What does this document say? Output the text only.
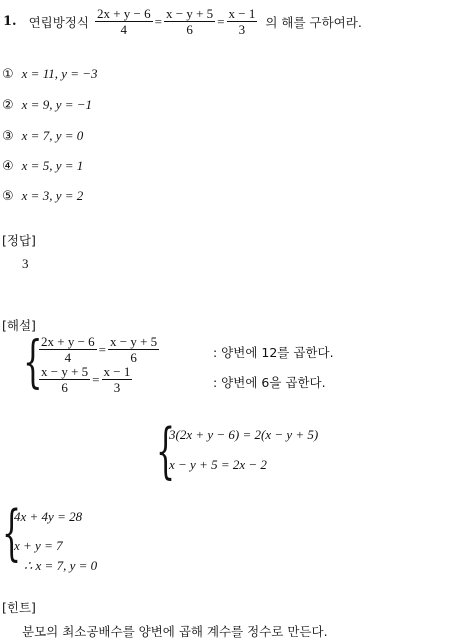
1. 연립방정식 $\frac{2x + y - 6}{4} = \frac{x - y + 5}{6} = \frac{x - 1}{3}$ 의 해를 구하여라.
① x = 11, y = −3
② x = 9, y = −1
③ x = 7, y = 0
④ x = 5, y = 1
⑤ x = 3, y = 2
[정답]
3
[해설]
{
$\frac{2x + y - 6}{4} = \frac{x - y + 5}{6}$	: 양변에 12를 곱한다.
$\frac{x - y + 5}{6} = \frac{x - 1}{3}$	: 양변에 6을 곱한다.
{
3(2x + y − 6) = 2(x − y + 5)
x − y + 5 = 2x − 2
{
4x + 4y = 28
x + y = 7
∴ x = 7, y = 0
[힌트]
분모의 최소공배수를 양변에 곱해 계수를 정수로 만든다.
